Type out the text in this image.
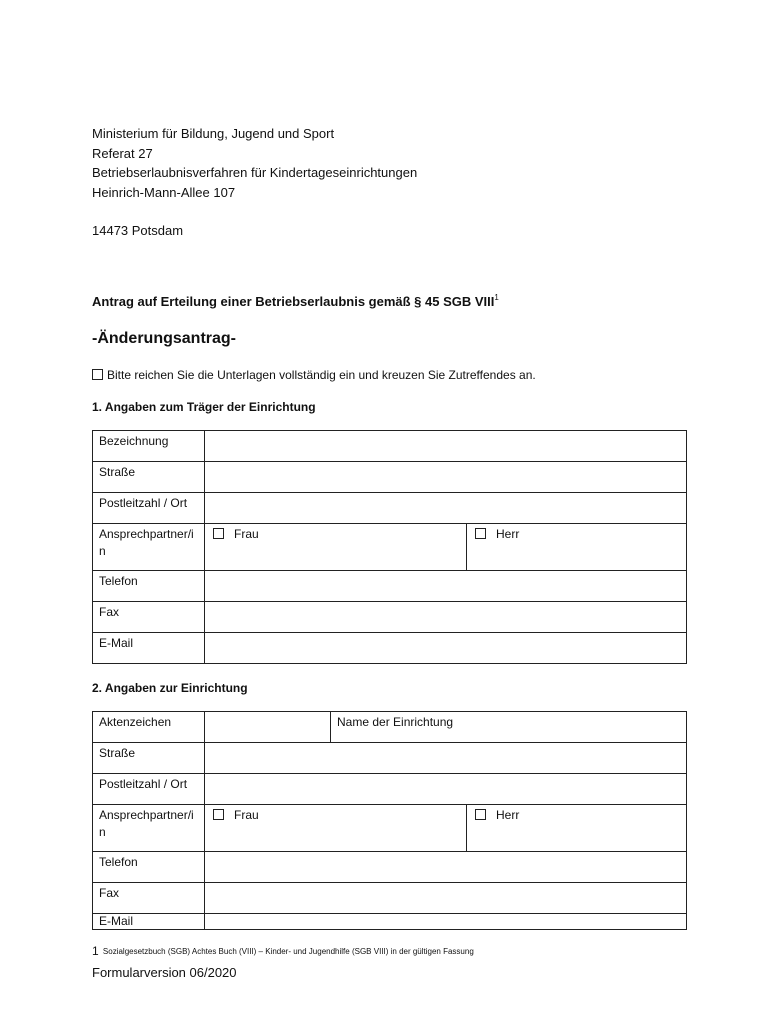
Ministerium für Bildung, Jugend und Sport
Referat 27
Betriebserlaubnisverfahren für Kindertageseinrichtungen
Heinrich-Mann-Allee 107
14473 Potsdam
Antrag auf Erteilung einer Betriebserlaubnis gemäß § 45 SGB VIII$^1$
-Änderungsantrag-
Bitte reichen Sie die Unterlagen vollständig ein und kreuzen Sie Zutreffendes an.
1. Angaben zum Träger der Einrichtung
Bezeichnung		
Straße		
Postleitzahl / Ort		
Ansprechpartner/i n	Frau	Herr
Telefon		
Fax		
E-Mail		
2. Angaben zur Einrichtung
Aktenzeichen		Name der Einrichtung	
Straße			
Postleitzahl / Ort			
Ansprechpartner/i n	Frau		Herr
Telefon			
Fax			
E-Mail			
1 Sozialgesetzbuch (SGB) Achtes Buch (VIII) – Kinder- und Jugendhilfe (SGB VIII) in der gültigen Fassung
Formularversion 06/2020
